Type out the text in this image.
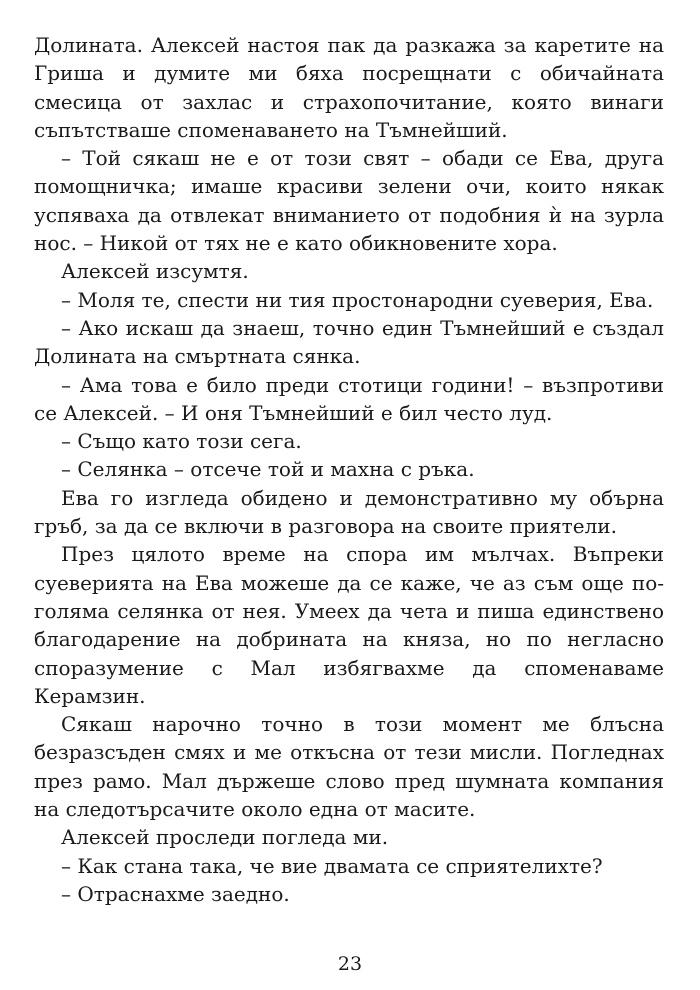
Долината. Алексей настоя пак да разкажа за каретите на Гриша и думите ми бяха посрещнати с обичайната смесица от захлас и страхопочитание, която винаги съпътстваше споменаването на Тъмнейший.

– Той сякаш не е от този свят – обади се Ева, друга помощничка; имаше красиви зелени очи, които някак успяваха да отвлекат вниманието от подобния ѝ на зурла нос. – Никой от тях не е като обикновените хора.

Алексей изсумтя.

– Моля те, спести ни тия простонародни суеверия, Ева.

– Ако искаш да знаеш, точно един Тъмнейший е създал Долината на смъртната сянка.

– Ама това е било преди стотици години! – възпротиви се Алексей. – И оня Тъмнейший е бил често луд.

– Също като този сега.

– Селянка – отсече той и махна с ръка.

Ева го изгледа обидено и демонстративно му обърна гръб, за да се включи в разговора на своите приятели.

През цялото време на спора им мълчах. Въпреки суеверията на Ева можеше да се каже, че аз съм още по-голяма селянка от нея. Умеех да чета и пиша единствено благодарение на добрината на княза, но по негласно споразумение с Мал избягвахме да споменаваме Керамзин.

Сякаш нарочно точно в този момент ме блъсна безразсъден смях и ме откъсна от тези мисли. Погледнах през рамо. Мал държеше слово пред шумната компания на следотърсачите около една от масите.

Алексей проследи погледа ми.

– Как стана така, че вие двамата се сприятелихте?

– Отраснахме заедно.

23
